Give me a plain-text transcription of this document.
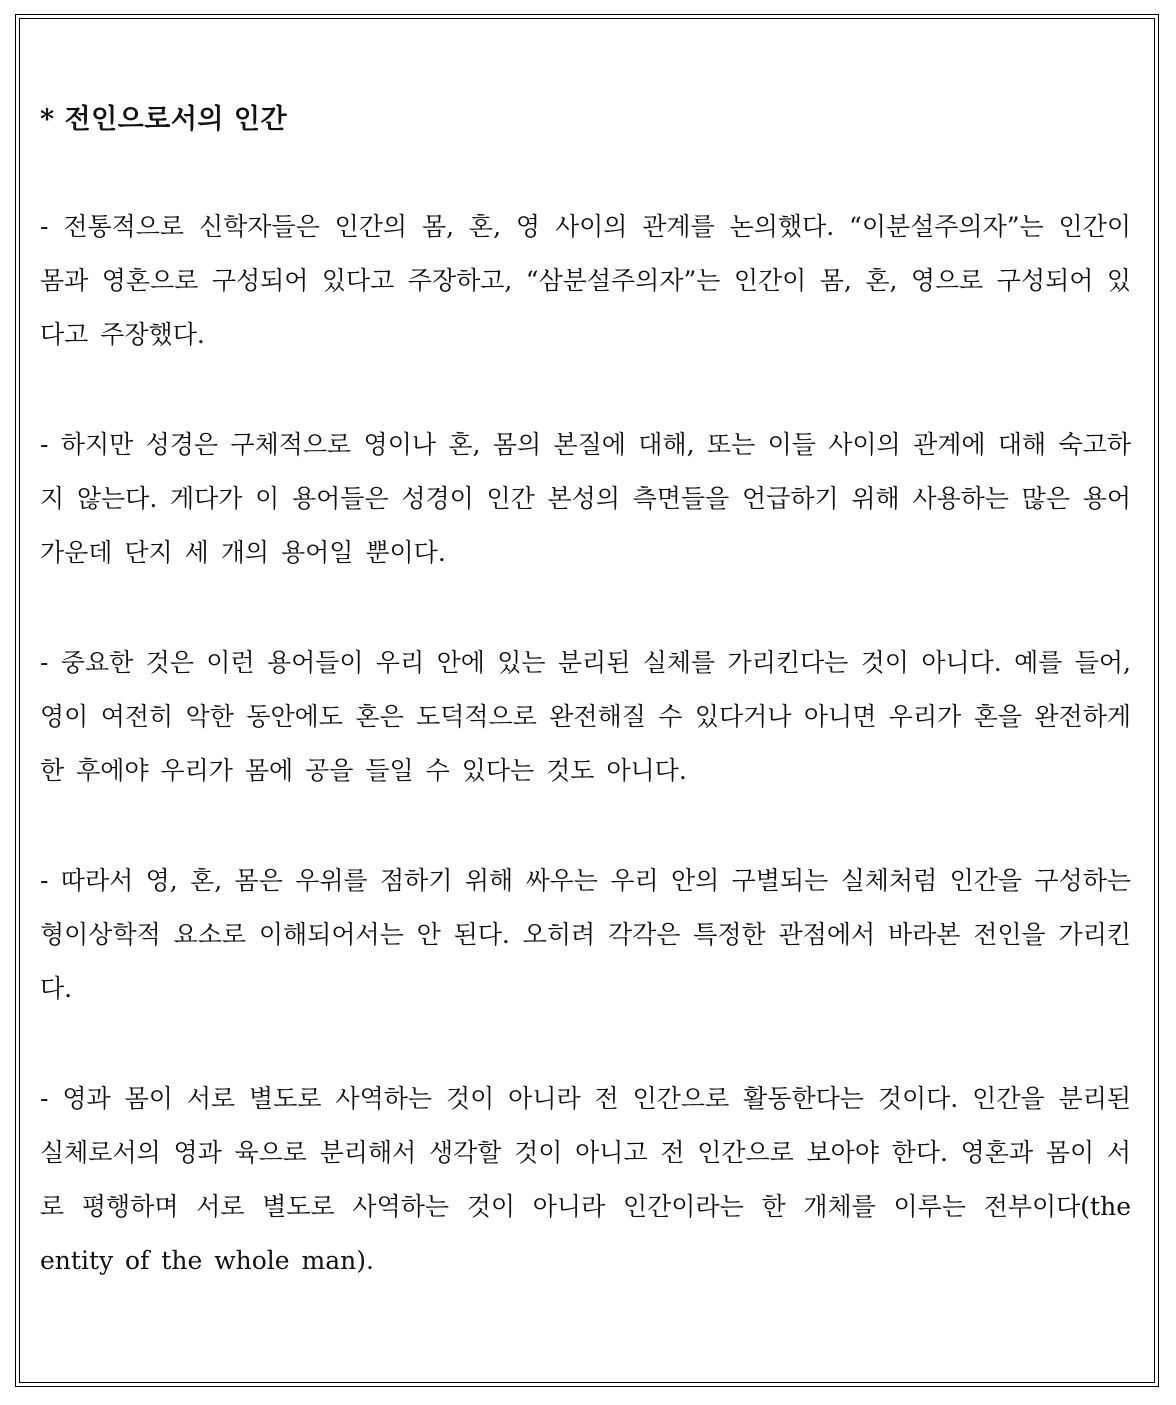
* 전인으로서의 인간

- 전통적으로 신학자들은 인간의 몸, 혼, 영 사이의 관계를 논의했다. “이분설주의자”는 인간이 몸과 영혼으로 구성되어 있다고 주장하고, “삼분설주의자”는 인간이 몸, 혼, 영으로 구성되어 있다고 주장했다.

- 하지만 성경은 구체적으로 영이나 혼, 몸의 본질에 대해, 또는 이들 사이의 관계에 대해 숙고하지 않는다. 게다가 이 용어들은 성경이 인간 본성의 측면들을 언급하기 위해 사용하는 많은 용어 가운데 단지 세 개의 용어일 뿐이다.

- 중요한 것은 이런 용어들이 우리 안에 있는 분리된 실체를 가리킨다는 것이 아니다. 예를 들어, 영이 여전히 악한 동안에도 혼은 도덕적으로 완전해질 수 있다거나 아니면 우리가 혼을 완전하게 한 후에야 우리가 몸에 공을 들일 수 있다는 것도 아니다.

- 따라서 영, 혼, 몸은 우위를 점하기 위해 싸우는 우리 안의 구별되는 실체처럼 인간을 구성하는 형이상학적 요소로 이해되어서는 안 된다. 오히려 각각은 특정한 관점에서 바라본 전인을 가리킨다.

- 영과 몸이 서로 별도로 사역하는 것이 아니라 전 인간으로 활동한다는 것이다. 인간을 분리된 실체로서의 영과 육으로 분리해서 생각할 것이 아니고 전 인간으로 보아야 한다. 영혼과 몸이 서로 평행하며 서로 별도로 사역하는 것이 아니라 인간이라는 한 개체를 이루는 전부이다(the entity of the whole man).
